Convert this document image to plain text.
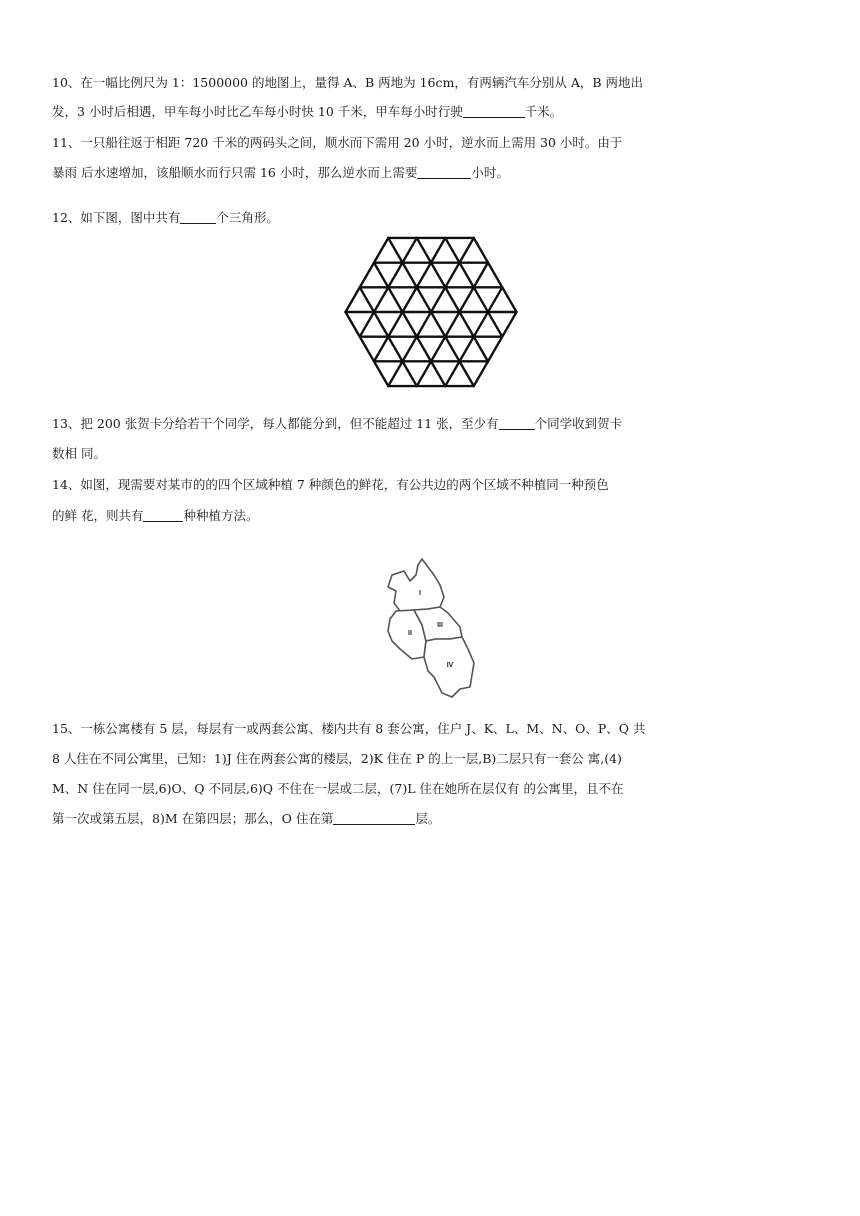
10、在一幅比例尺为 1：1500000 的地图上，量得 A、B 两地为 16cm，有两辆汽车分别从 A，B 两地出
发，3 小时后相遇，甲车每小时比乙车每小时快 10 千米，甲车每小时行驶	千米。
11、一只船往返于相距 720 千米的两码头之间，顺水而下需用 20 小时，逆水而上需用 30 小时。由于
暴雨 后水速增加，该船顺水而行只需 16 小时，那么逆水而上需要	小时。
12、如下图，图中共有	个三角形。
13、把 200 张贺卡分给若干个同学，每人都能分到，但不能超过 11 张，至少有	个同学收到贺卡
数相 同。
14、如图，现需要对某市的的四个区域种植 7 种颜色的鲜花，有公共边的两个区域不种植同一种预色
的鲜 花，则共有	种种植方法。
I
II
III
IV
15、一栋公寓楼有 5 层，每层有一或两套公寓、楼内共有 8 套公寓，住户 J、K、L、M、N、O、P、Q 共
8 人住在不同公寓里，已知：1)J 住在两套公寓的楼层，2)K 住在 P 的上一层,B)二层只有一套公 寓,(4)
M、N 住在同一层,6)O、Q 不同层,6)Q 不住在一层或二层，(7)L 住在她所在层仅有 的公寓里，且不在
第一次或第五层，8)M 在第四层；那么，O 住在第	层。
